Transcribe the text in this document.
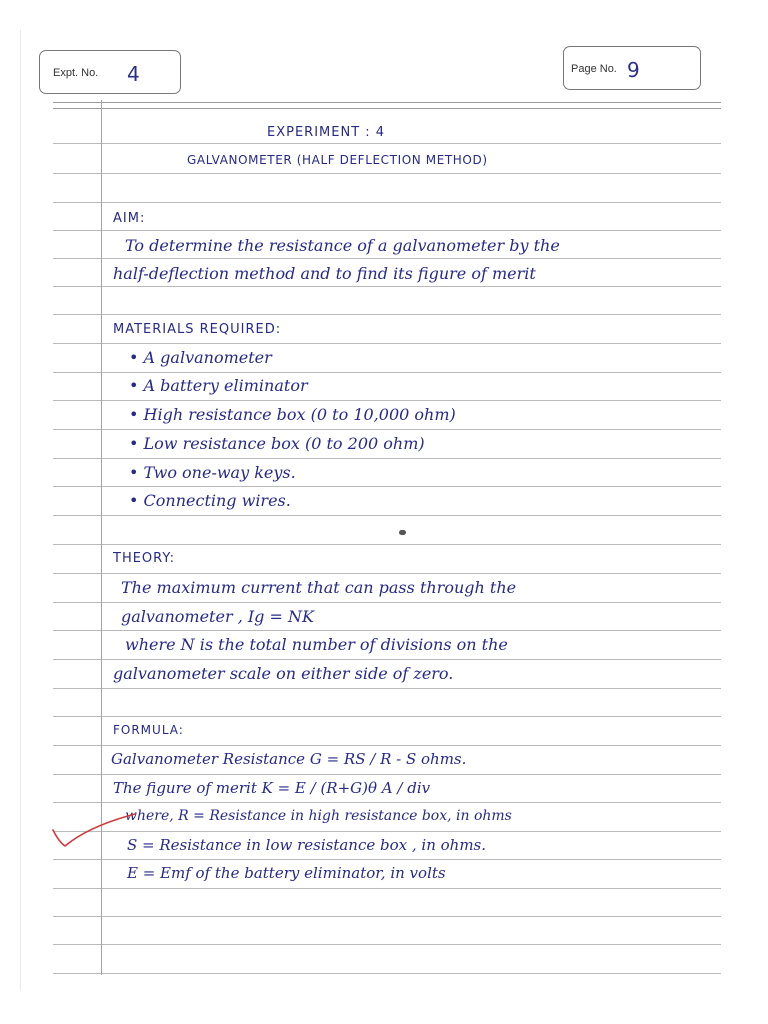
Expt. No. 4	Page No. 9
EXPERIMENT : 4
GALVANOMETER (HALF DEFLECTION METHOD)
AIM:
To determine the resistance of a galvanometer by the
half-deflection method and to find its figure of merit
MATERIALS REQUIRED:
• A galvanometer
• A battery eliminator
• High resistance box (0 to 10,000 ohm)
• Low resistance box (0 to 200 ohm)
• Two one-way keys.
• Connecting wires.
THEORY:
The maximum current that can pass through the
galvanometer , Ig = NK
where N is the total number of divisions on the
galvanometer scale on either side of zero.
FORMULA:
Galvanometer Resistance G = RS / R - S ohms.
The figure of merit K = E / (R+G)θ A / div
where, R = Resistance in high resistance box, in ohms
S = Resistance in low resistance box , in ohms.
E = Emf of the battery eliminator, in volts
